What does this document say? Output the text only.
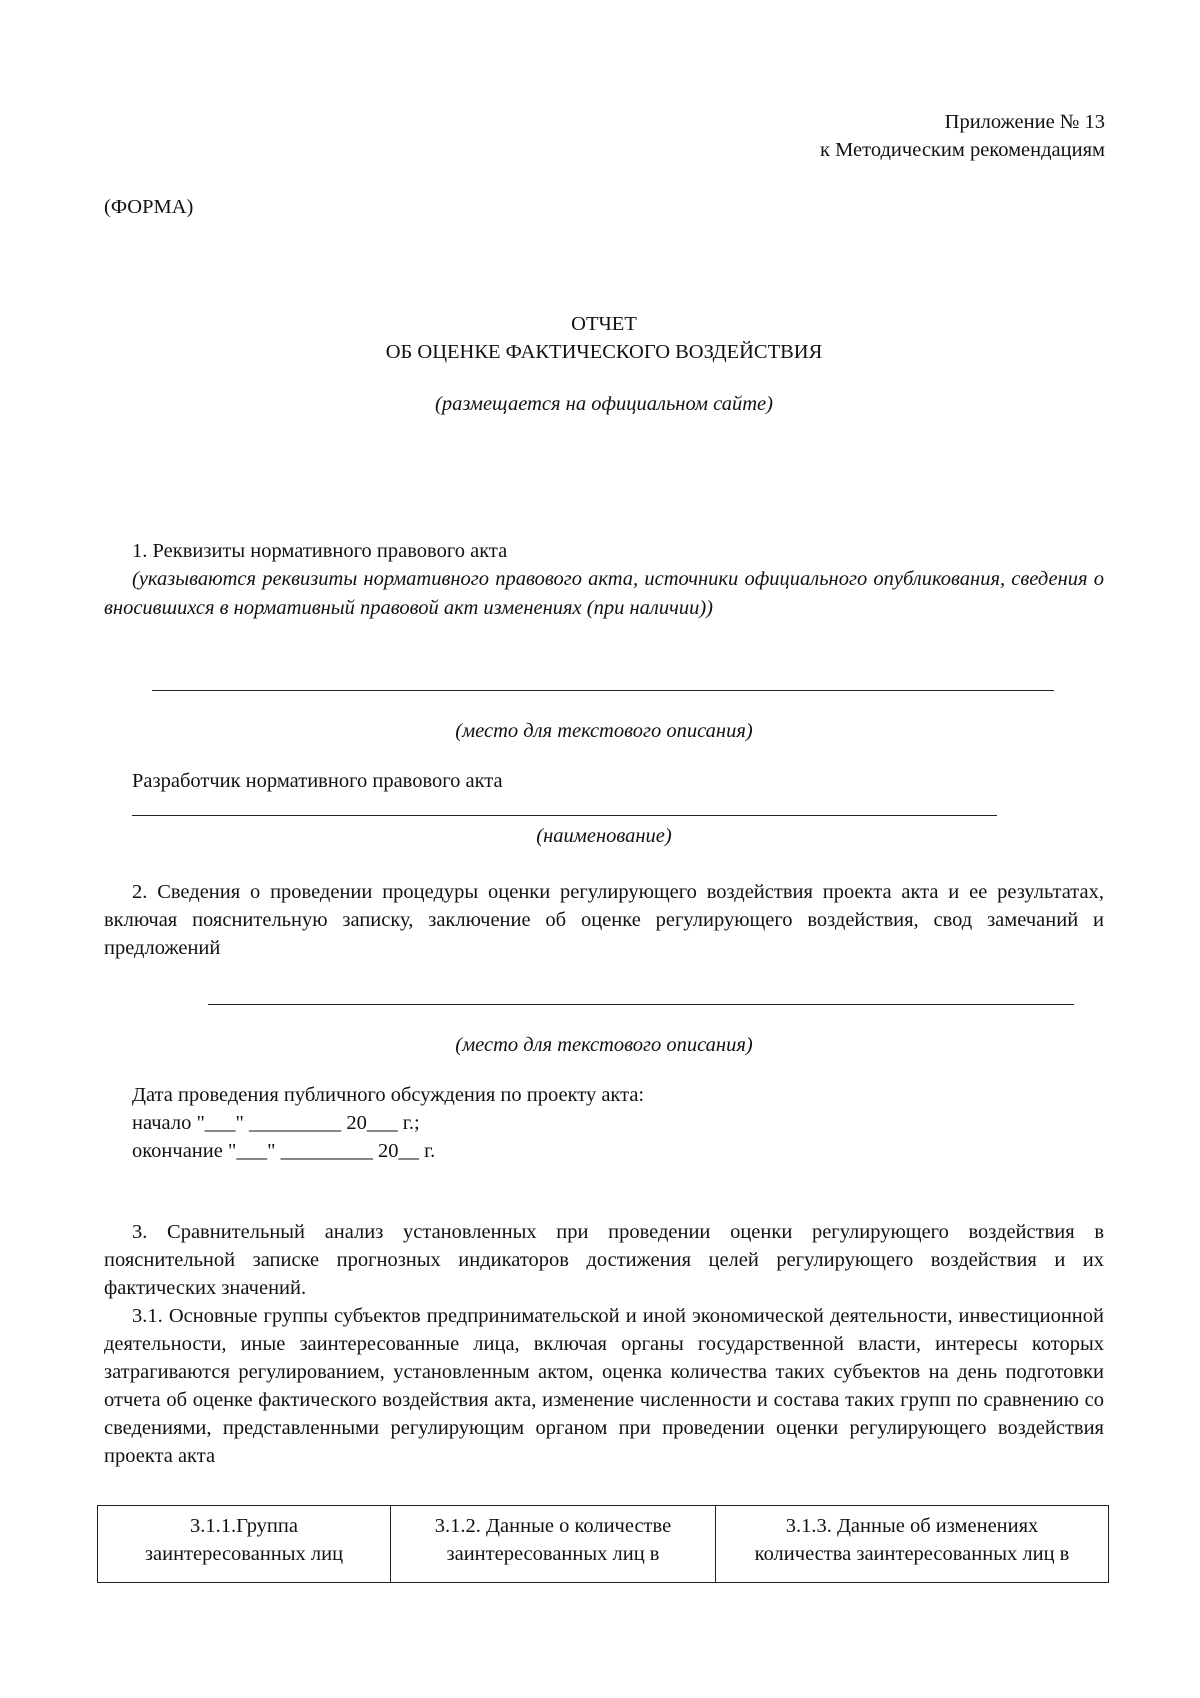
Приложение № 13
к Методическим рекомендациям
(ФОРМА)
ОТЧЕТ
ОБ ОЦЕНКЕ ФАКТИЧЕСКОГО ВОЗДЕЙСТВИЯ
(размещается на официальном сайте)
1. Реквизиты нормативного правового акта
(указываются реквизиты нормативного правового акта, источники официального опубликования, сведения о вносившихся в нормативный правовой акт изменениях (при наличии))
(место для текстового описания)
Разработчик нормативного правового акта
(наименование)
2. Сведения о проведении процедуры оценки регулирующего воздействия проекта акта и ее результатах, включая пояснительную записку, заключение об оценке регулирующего воздействия, свод замечаний и предложений
(место для текстового описания)
Дата проведения публичного обсуждения по проекту акта:
начало "___" _________ 20___ г.;
окончание "___" _________ 20__ г.
3. Сравнительный анализ установленных при проведении оценки регулирующего воздействия в пояснительной записке прогнозных индикаторов достижения целей регулирующего воздействия и их фактических значений.
3.1. Основные группы субъектов предпринимательской и иной экономической деятельности, инвестиционной деятельности, иные заинтересованные лица, включая органы государственной власти, интересы которых затрагиваются регулированием, установленным актом, оценка количества таких субъектов на день подготовки отчета об оценке фактического воздействия акта, изменение численности и состава таких групп по сравнению со сведениями, представленными регулирующим органом при проведении оценки регулирующего воздействия проекта акта
3.1.1.Группа
заинтересованных лиц

3.1.2. Данные о количестве
заинтересованных лиц в

3.1.3. Данные об изменениях
количества заинтересованных лиц в
